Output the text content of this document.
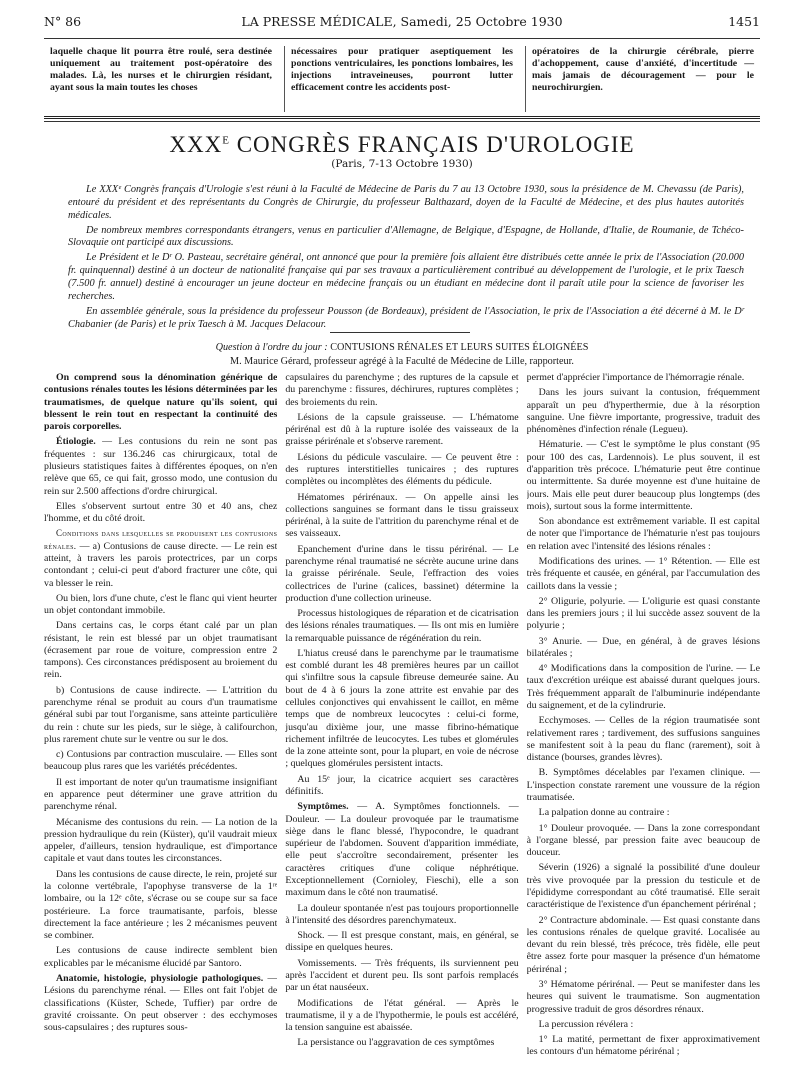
N° 86	LA PRESSE MÉDICALE, Samedi, 25 Octobre 1930	1451
laquelle chaque lit pourra être roulé, sera destinée uniquement au traitement post-opératoire des malades. Là, les nurses et le chirurgien résidant, ayant sous la main toutes les choses
nécessaires pour pratiquer aseptiquement les ponctions ventriculaires, les ponctions lombaires, les injections intraveineuses, pourront lutter efficacement contre les accidents post-
opératoires de la chirurgie cérébrale, pierre d'achoppement, cause d'anxiété, d'incertitude — mais jamais de découragement — pour le neurochirurgien.
$XXX^E$ CONGRÈS FRANÇAIS D'UROLOGIE
(Paris, 7-13 Octobre 1930)

Le XXXᵉ Congrès français d'Urologie s'est réuni à la Faculté de Médecine de Paris du 7 au 13 Octobre 1930, sous la présidence de M. Chevassu (de Paris), entouré du président et des représentants du Congrès de Chirurgie, du professeur Balthazard, doyen de la Faculté de Médecine, et des plus hautes autorités médicales.

De nombreux membres correspondants étrangers, venus en particulier d'Allemagne, de Belgique, d'Espagne, de Hollande, d'Italie, de Roumanie, de Tchéco-Slovaquie ont participé aux discussions.

Le Président et le Dʳ O. Pasteau, secrétaire général, ont annoncé que pour la première fois allaient être distribués cette année le prix de l'Association (20.000 fr. quinquennal) destiné à un docteur de nationalité française qui par ses travaux a particulièrement contribué au développement de l'urologie, et le prix Taesch (7.500 fr. annuel) destiné à encourager un jeune docteur en médecine français ou un étudiant en médecine dont il paraît utile pour la science de favoriser les recherches.

En assemblée générale, sous la présidence du professeur Pousson (de Bordeaux), président de l'Association, le prix de l'Association a été décerné à M. le Dʳ Chabanier (de Paris) et le prix Taesch à M. Jacques Delacour.

Question à l'ordre du jour : CONTUSIONS RÉNALES ET LEURS SUITES ÉLOIGNÉES
M. Maurice Gérard, professeur agrégé à la Faculté de Médecine de Lille, rapporteur.

On comprend sous la dénomination générique de contusions rénales toutes les lésions déterminées par les traumatismes, de quelque nature qu'ils soient, qui blessent le rein tout en respectant la continuité des parois corporelles.

Étiologie. — Les contusions du rein ne sont pas fréquentes : sur 136.246 cas chirurgicaux, total de plusieurs statistiques faites à différentes époques, on n'en relève que 65, ce qui fait, grosso modo, une contusion du rein sur 2.500 affections d'ordre chirurgical.

Elles s'observent surtout entre 30 et 40 ans, chez l'homme, et du côté droit.

Conditions dans lesquelles se produisent les contusions rénales. — a) Contusions de cause directe. — Le rein est atteint, à travers les parois protectrices, par un corps contondant ; celui-ci peut d'abord fracturer une côte, qui va blesser le rein.

Ou bien, lors d'une chute, c'est le flanc qui vient heurter un objet contondant immobile.

Dans certains cas, le corps étant calé par un plan résistant, le rein est blessé par un objet traumatisant (écrasement par roue de voiture, compression entre 2 tampons). Ces circonstances prédisposent au broiement du rein.

b) Contusions de cause indirecte. — L'attrition du parenchyme rénal se produit au cours d'un traumatisme général subi par tout l'organisme, sans atteinte particulière du rein : chute sur les pieds, sur le siège, à califourchon, plus rarement chute sur le ventre ou sur le dos.

c) Contusions par contraction musculaire. — Elles sont beaucoup plus rares que les variétés précédentes.

Il est important de noter qu'un traumatisme insignifiant en apparence peut déterminer une grave attrition du parenchyme rénal.

Mécanisme des contusions du rein. — La notion de la pression hydraulique du rein (Küster), qu'il vaudrait mieux appeler, d'ailleurs, tension hydraulique, est d'importance capitale et vaut dans toutes les circonstances.

Dans les contusions de cause directe, le rein, projeté sur la colonne vertébrale, l'apophyse transverse de la 1ʳᵉ lombaire, ou la 12ᵉ côte, s'écrase ou se coupe sur sa face postérieure. La force traumatisante, parfois, blesse directement la face antérieure ; les 2 mécanismes peuvent se combiner.

Les contusions de cause indirecte semblent bien explicables par le mécanisme élucidé par Santoro.

Anatomie, histologie, physiologie pathologiques. — Lésions du parenchyme rénal. — Elles ont fait l'objet de classifications (Küster, Schede, Tuffier) par ordre de gravité croissante. On peut observer : des ecchymoses sous-capsulaires ; des ruptures sous-

capsulaires du parenchyme ; des ruptures de la capsule et du parenchyme : fissures, déchirures, ruptures complètes ; des broiements du rein.

Lésions de la capsule graisseuse. — L'hématome périrénal est dû à la rupture isolée des vaisseaux de la graisse périrénale et s'observe rarement.

Lésions du pédicule vasculaire. — Ce peuvent être : des ruptures interstitielles tunicaires ; des ruptures complètes ou incomplètes des éléments du pédicule.

Hématomes périrénaux. — On appelle ainsi les collections sanguines se formant dans le tissu graisseux périrénal, à la suite de l'attrition du parenchyme rénal et de ses vaisseaux.

Epanchement d'urine dans le tissu périrénal. — Le parenchyme rénal traumatisé ne sécrète aucune urine dans la graisse périrénale. Seule, l'effraction des voies collectrices de l'urine (calices, bassinet) détermine la production d'une collection urineuse.

Processus histologiques de réparation et de cicatrisation des lésions rénales traumatiques. — Ils ont mis en lumière la remarquable puissance de régénération du rein.

L'hiatus creusé dans le parenchyme par le traumatisme est comblé durant les 48 premières heures par un caillot qui s'infiltre sous la capsule fibreuse demeurée saine. Au bout de 4 à 6 jours la zone attrite est envahie par des cellules conjonctives qui envahissent le caillot, en même temps que de nombreux leucocytes : celui-ci forme, jusqu'au dixième jour, une masse fibrino-hématique richement infiltrée de leucocytes. Les tubes et glomérules de la zone atteinte sont, pour la plupart, en voie de nécrose ; quelques glomérules persistent intacts.

Au 15ᵉ jour, la cicatrice acquiert ses caractères définitifs.

Symptômes. — A. Symptômes fonctionnels. — Douleur. — La douleur provoquée par le traumatisme siège dans le flanc blessé, l'hypocondre, le quadrant supérieur de l'abdomen. Souvent d'apparition immédiate, elle peut s'accroître secondairement, présenter les caractères critiques d'une colique néphrétique. Exceptionnellement (Cornioley, Fieschi), elle a son maximum dans le côté non traumatisé.

La douleur spontanée n'est pas toujours proportionnelle à l'intensité des désordres parenchymateux.

Shock. — Il est presque constant, mais, en général, se dissipe en quelques heures.

Vomissements. — Très fréquents, ils surviennent peu après l'accident et durent peu. Ils sont parfois remplacés par un état nauséeux.

Modifications de l'état général. — Après le traumatisme, il y a de l'hypothermie, le pouls est accéléré, la tension sanguine est abaissée.

La persistance ou l'aggravation de ces symptômes

permet d'apprécier l'importance de l'hémorragie rénale.

Dans les jours suivant la contusion, fréquemment apparaît un peu d'hyperthermie, due à la résorption sanguine. Une fièvre importante, progressive, traduit des phénomènes d'infection rénale (Legueu).

Hématurie. — C'est le symptôme le plus constant (95 pour 100 des cas, Lardennois). Le plus souvent, il est d'apparition très précoce. L'hématurie peut être continue ou intermittente. Sa durée moyenne est d'une huitaine de jours. Mais elle peut durer beaucoup plus longtemps (des mois), surtout sous la forme intermittente.

Son abondance est extrêmement variable. Il est capital de noter que l'importance de l'hématurie n'est pas toujours en relation avec l'intensité des lésions rénales :

Modifications des urines. — 1° Rétention. — Elle est très fréquente et causée, en général, par l'accumulation des caillots dans la vessie ;

2° Oligurie, polyurie. — L'oligurie est quasi constante dans les premiers jours ; il lui succède assez souvent de la polyurie ;

3° Anurie. — Due, en général, à de graves lésions bilatérales ;

4° Modifications dans la composition de l'urine. — Le taux d'excrétion uréique est abaissé durant quelques jours. Très fréquemment apparaît de l'albuminurie indépendante du saignement, et de la cylindrurie.

Ecchymoses. — Celles de la région traumatisée sont relativement rares ; tardivement, des suffusions sanguines se manifestent soit à la peau du flanc (rarement), soit à distance (bourses, grandes lèvres).

B. Symptômes décelables par l'examen clinique. — L'inspection constate rarement une voussure de la région traumatisée.

La palpation donne au contraire :

1° Douleur provoquée. — Dans la zone correspondant à l'organe blessé, par pression faite avec beaucoup de douceur.

Séverin (1926) a signalé la possibilité d'une douleur très vive provoquée par la pression du testicule et de l'épididyme correspondant au côté traumatisé. Elle serait caractéristique de l'existence d'un épanchement périrénal ;

2° Contracture abdominale. — Est quasi constante dans les contusions rénales de quelque gravité. Localisée au devant du rein blessé, très précoce, très fidèle, elle peut être assez forte pour masquer la présence d'un hématome périrénal ;

3° Hématome périrénal. — Peut se manifester dans les heures qui suivent le traumatisme. Son augmentation progressive traduit de gros désordres rénaux.

La percussion révélera :

1° La matité, permettant de fixer approximativement les contours d'un hématome périrénal ;
